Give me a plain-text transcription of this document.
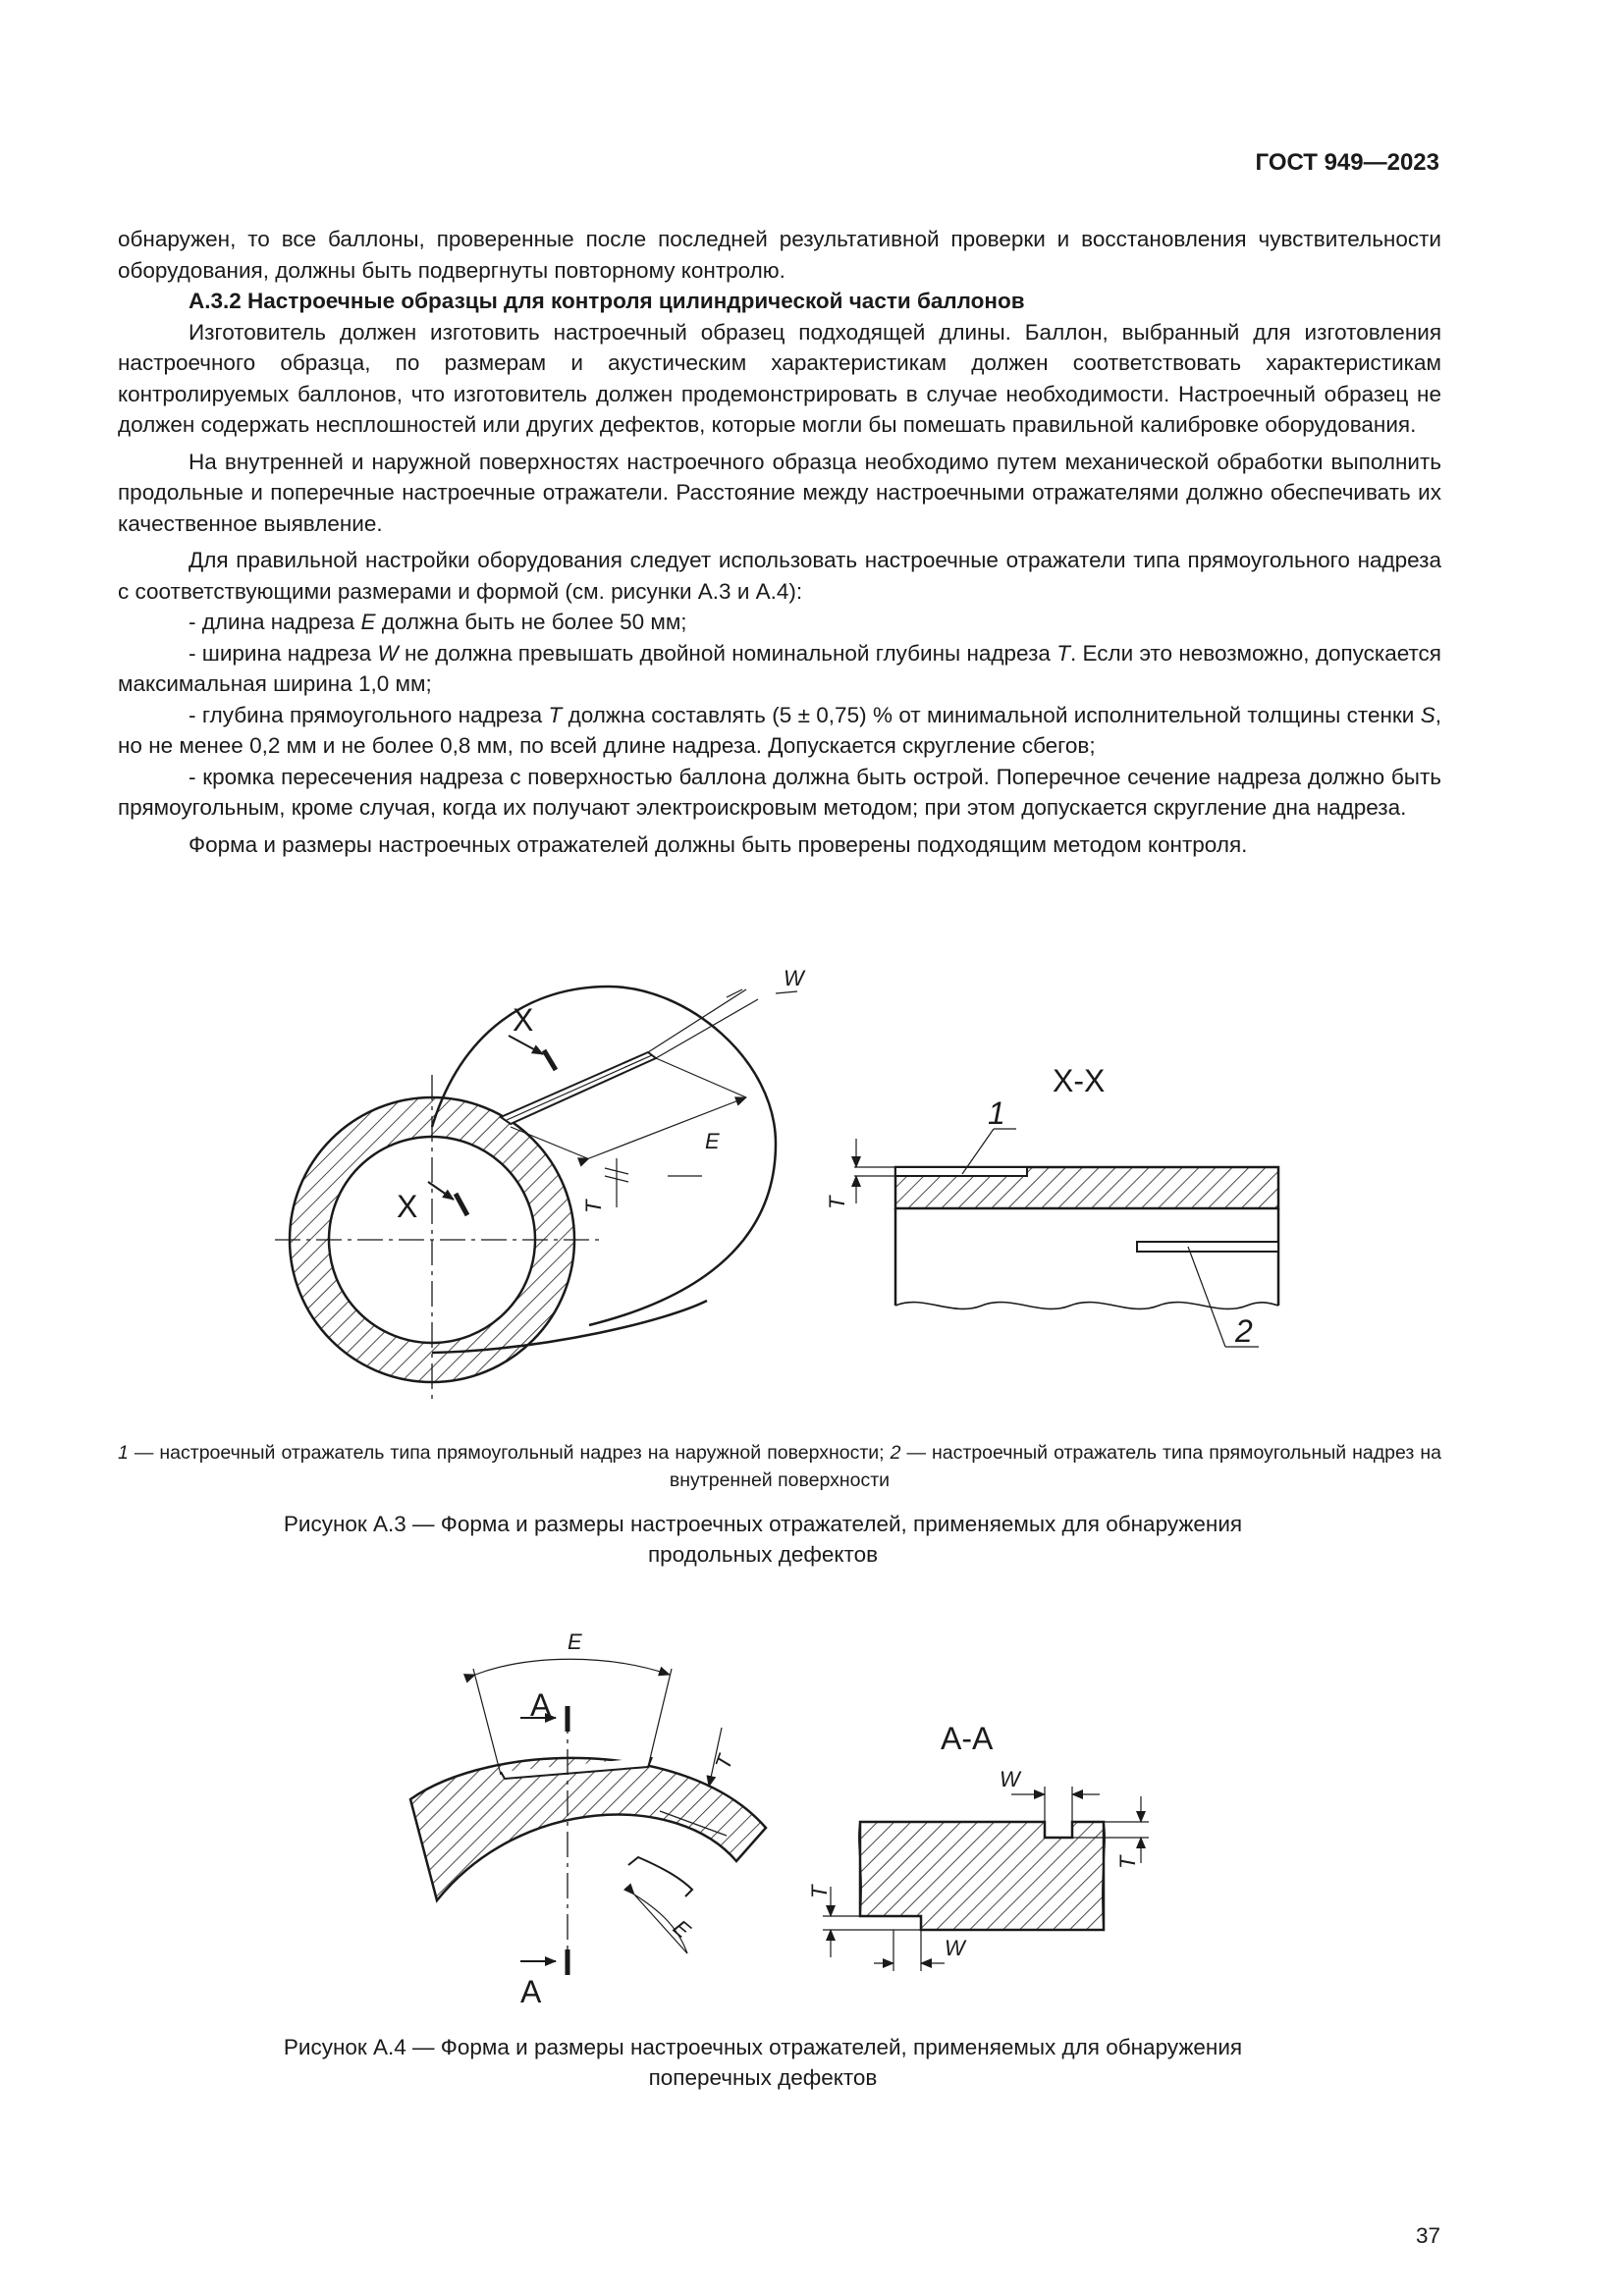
ГОСТ 949—2023

обнаружен, то все баллоны, проверенные после последней результативной проверки и восстановления чувствительности оборудования, должны быть подвергнуты повторному контролю.

А.3.2 Настроечные образцы для контроля цилиндрической части баллонов

Изготовитель должен изготовить настроечный образец подходящей длины. Баллон, выбранный для изготовления настроечного образца, по размерам и акустическим характеристикам должен соответствовать характеристикам контролируемых баллонов, что изготовитель должен продемонстрировать в случае необходимости. Настроечный образец не должен содержать несплошностей или других дефектов, которые могли бы помешать правильной калибровке оборудования.

На внутренней и наружной поверхностях настроечного образца необходимо путем механической обработки выполнить продольные и поперечные настроечные отражатели. Расстояние между настроечными отражателями должно обеспечивать их качественное выявление.

Для правильной настройки оборудования следует использовать настроечные отражатели типа прямоугольного надреза с соответствующими размерами и формой (см. рисунки А.3 и А.4):

- длина надреза E должна быть не более 50 мм;

- ширина надреза W не должна превышать двойной номинальной глубины надреза T. Если это невозможно, допускается максимальная ширина 1,0 мм;

- глубина прямоугольного надреза T должна составлять (5 ± 0,75) % от минимальной исполнительной толщины стенки S, но не менее 0,2 мм и не более 0,8 мм, по всей длине надреза. Допускается скругление сбегов;

- кромка пересечения надреза с поверхностью баллона должна быть острой. Поперечное сечение надреза должно быть прямоугольным, кроме случая, когда их получают электроискровым методом; при этом допускается скругление дна надреза.

Форма и размеры настроечных отражателей должны быть проверены подходящим методом контроля.

X
X
W
E
T
X-X
1
2
T
E
A
A
T
E
A-A
W
W
T
T
1 — настроечный отражатель типа прямоугольный надрез на наружной поверхности; 2 — настроечный отражатель типа прямоугольный надрез на внутренней поверхности
Рисунок А.3 — Форма и размеры настроечных отражателей, применяемых для обнаружения
продольных дефектов
Рисунок А.4 — Форма и размеры настроечных отражателей, применяемых для обнаружения
поперечных дефектов
37
